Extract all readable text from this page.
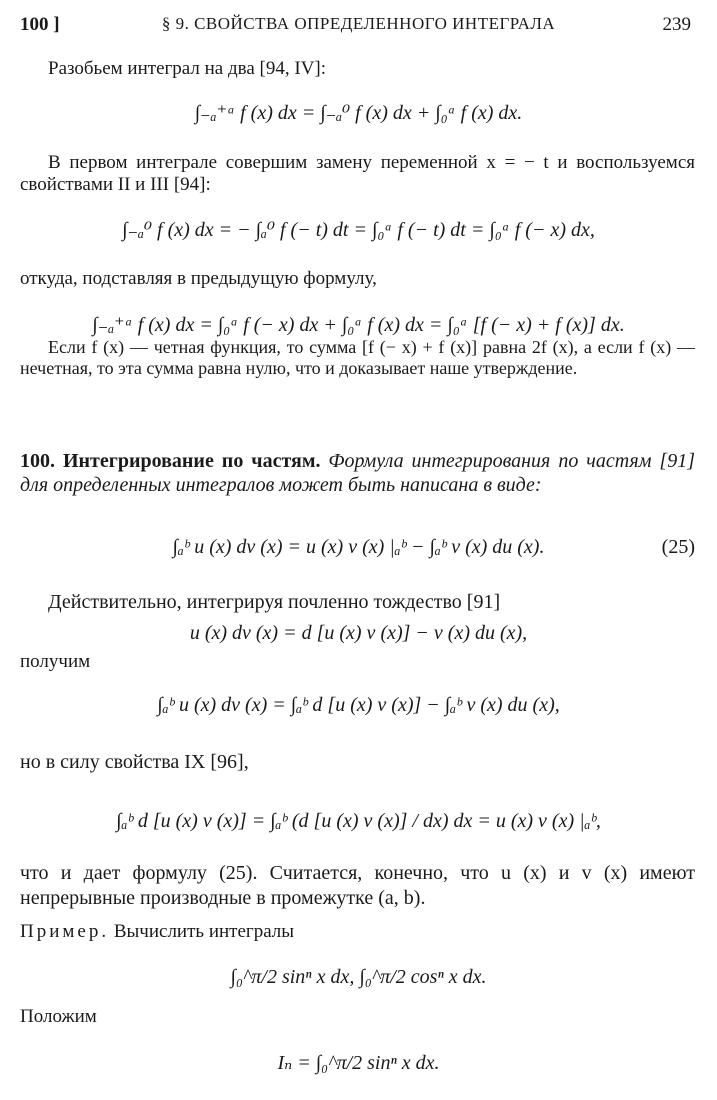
100 ]	§ 9. СВОЙСТВА ОПРЕДЕЛЕННОГО ИНТЕГРАЛА	239
Разобьем интеграл на два [94, IV]:
∫₋ₐ⁺ᵃ f (x) dx = ∫₋ₐ⁰ f (x) dx + ∫₀ᵃ f (x) dx.
В первом интеграле совершим замену переменной x = − t и воспользуемся свойствами II и III [94]:
∫₋ₐ⁰ f (x) dx = − ∫ₐ⁰ f (− t) dt = ∫₀ᵃ f (− t) dt = ∫₀ᵃ f (− x) dx,
откуда, подставляя в предыдущую формулу,
∫₋ₐ⁺ᵃ f (x) dx = ∫₀ᵃ f (− x) dx + ∫₀ᵃ f (x) dx = ∫₀ᵃ [f (− x) + f (x)] dx.
Если f (x) — четная функция, то сумма [f (− x) + f (x)] равна 2f (x), а если f (x) — нечетная, то эта сумма равна нулю, что и доказывает наше утверждение.
100. Интегрирование по частям. Формула интегрирования по частям [91] для определенных интегралов может быть написана в виде:
∫ₐᵇ u (x) dv (x) = u (x) v (x) |ₐᵇ − ∫ₐᵇ v (x) du (x).	(25)
Действительно, интегрируя почленно тождество [91]
u (x) dv (x) = d [u (x) v (x)] − v (x) du (x),
получим
∫ₐᵇ u (x) dv (x) = ∫ₐᵇ d [u (x) v (x)] − ∫ₐᵇ v (x) du (x),
но в силу свойства IX [96],
∫ₐᵇ d [u (x) v (x)] = ∫ₐᵇ (d [u (x) v (x)] / dx) dx = u (x) v (x) |ₐᵇ,
что и дает формулу (25). Считается, конечно, что u (x) и v (x) имеют непрерывные производные в промежутке (a, b).
Пример. Вычислить интегралы
∫₀^π/2 sinⁿ x dx, ∫₀^π/2 cosⁿ x dx.
Положим
Iₙ = ∫₀^π/2 sinⁿ x dx.
